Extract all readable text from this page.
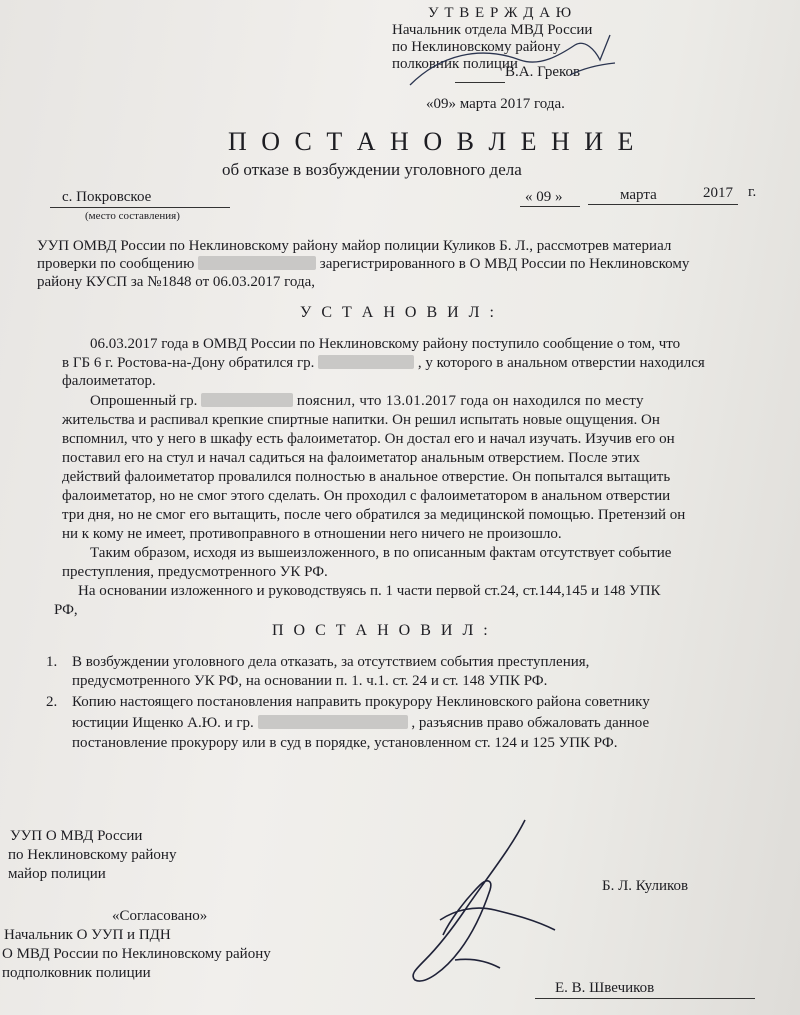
У Т В Е Р Ж Д А Ю
Начальник отдела МВД России
по Неклиновскому району
полковник полиции
В.А. Греков
«09» марта 2017 года.
П О С Т А Н О В Л Е Н И Е
об отказе в возбуждении уголовного дела
с. Покровское
(место составления)
« 09 »	марта	2017 г.
УУП ОМВД России по Неклиновскому району майор полиции Куликов Б. Л., рассмотрев материал
проверки по сообщению	зарегистрированного в О МВД России по Неклиновскому
району КУСП за №1848 от 06.03.2017 года,
У С Т А Н О В И Л :
06.03.2017 года в ОМВД России по Неклиновскому району поступило сообщение о том, что
в ГБ 6 г. Ростова-на-Дону обратился гр.	, у которого в анальном отверстии находился
фалоиметатор.
Опрошенный гр.	пояснил, что 13.01.2017 года он находился по месту
жительства и распивал крепкие спиртные напитки. Он решил испытать новые ощущения. Он
вспомнил, что у него в шкафу есть фалоиметатор. Он достал его и начал изучать. Изучив его он
поставил его на стул и начал садиться на фалоиметатор анальным отверстием. После этих
действий фалоиметатор провалился полностью в анальное отверстие. Он попытался вытащить
фалоиметатор, но не смог этого сделать. Он проходил с фалоиметатором в анальном отверстии
три дня, но не смог его вытащить, после чего обратился за медицинской помощью. Претензий он
ни к кому не имеет, противоправного в отношении него ничего не произошло.
Таким образом, исходя из вышеизложенного, в по описанным фактам отсутствует событие
преступления, предусмотренного УК РФ.
На основании изложенного и руководствуясь п. 1 части первой ст.24, ст.144,145 и 148 УПК
РФ,
П О С Т А Н О В И Л :
1. В возбуждении уголовного дела отказать, за отсутствием события преступления,
предусмотренного УК РФ, на основании п. 1. ч.1. ст. 24 и ст. 148 УПК РФ.
2. Копию настоящего постановления направить прокурору Неклиновского района советнику
юстиции Ищенко А.Ю. и гр.	, разъяснив право обжаловать данное
постановление прокурору или в суд в порядке, установленном ст. 124 и 125 УПК РФ.
УУП О МВД России
по Неклиновскому району
майор полиции
Б. Л. Куликов
«Согласовано»
Начальник О УУП и ПДН
О МВД России по Неклиновскому району
подполковник полиции
Е. В. Швечиков
